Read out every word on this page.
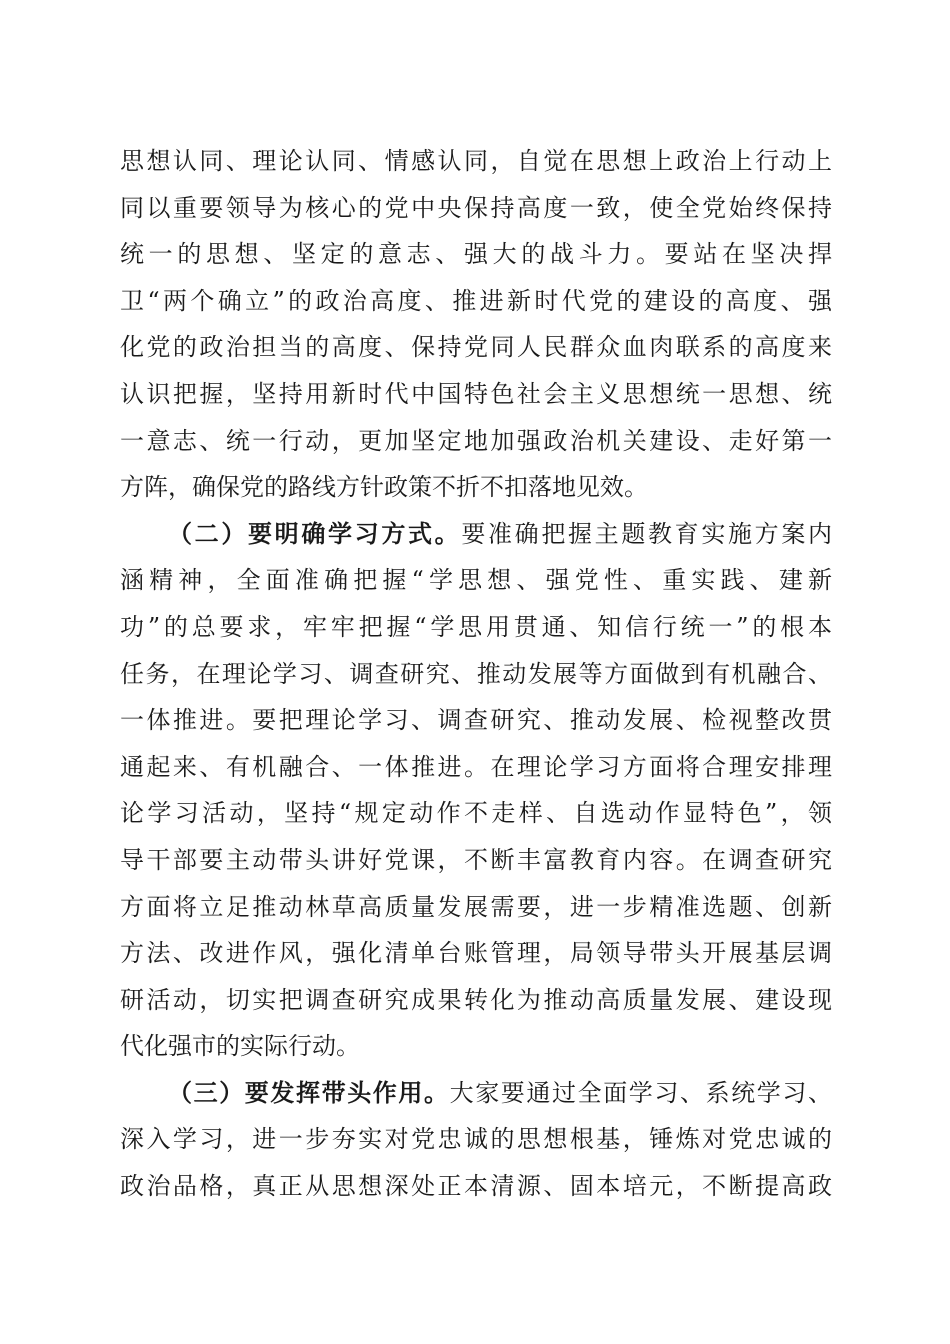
思想认同、理论认同、情感认同，自觉在思想上政治上行动上
同以重要领导为核心的党中央保持高度一致，使全党始终保持
统一的思想、坚定的意志、强大的战斗力。要站在坚决捍
卫“两个确立”的政治高度、推进新时代党的建设的高度、强
化党的政治担当的高度、保持党同人民群众血肉联系的高度来
认识把握，坚持用新时代中国特色社会主义思想统一思想、统
一意志、统一行动，更加坚定地加强政治机关建设、走好第一
方阵，确保党的路线方针政策不折不扣落地见效。
（二）要明确学习方式。要准确把握主题教育实施方案内
涵精神，全面准确把握“学思想、强党性、重实践、建新
功”的总要求，牢牢把握“学思用贯通、知信行统一”的根本
任务，在理论学习、调查研究、推动发展等方面做到有机融合、
一体推进。要把理论学习、调查研究、推动发展、检视整改贯
通起来、有机融合、一体推进。在理论学习方面将合理安排理
论学习活动，坚持“规定动作不走样、自选动作显特色”，领
导干部要主动带头讲好党课，不断丰富教育内容。在调查研究
方面将立足推动林草高质量发展需要，进一步精准选题、创新
方法、改进作风，强化清单台账管理，局领导带头开展基层调
研活动，切实把调查研究成果转化为推动高质量发展、建设现
代化强市的实际行动。
（三）要发挥带头作用。大家要通过全面学习、系统学习、
深入学习，进一步夯实对党忠诚的思想根基，锤炼对党忠诚的
政治品格，真正从思想深处正本清源、固本培元，不断提高政
